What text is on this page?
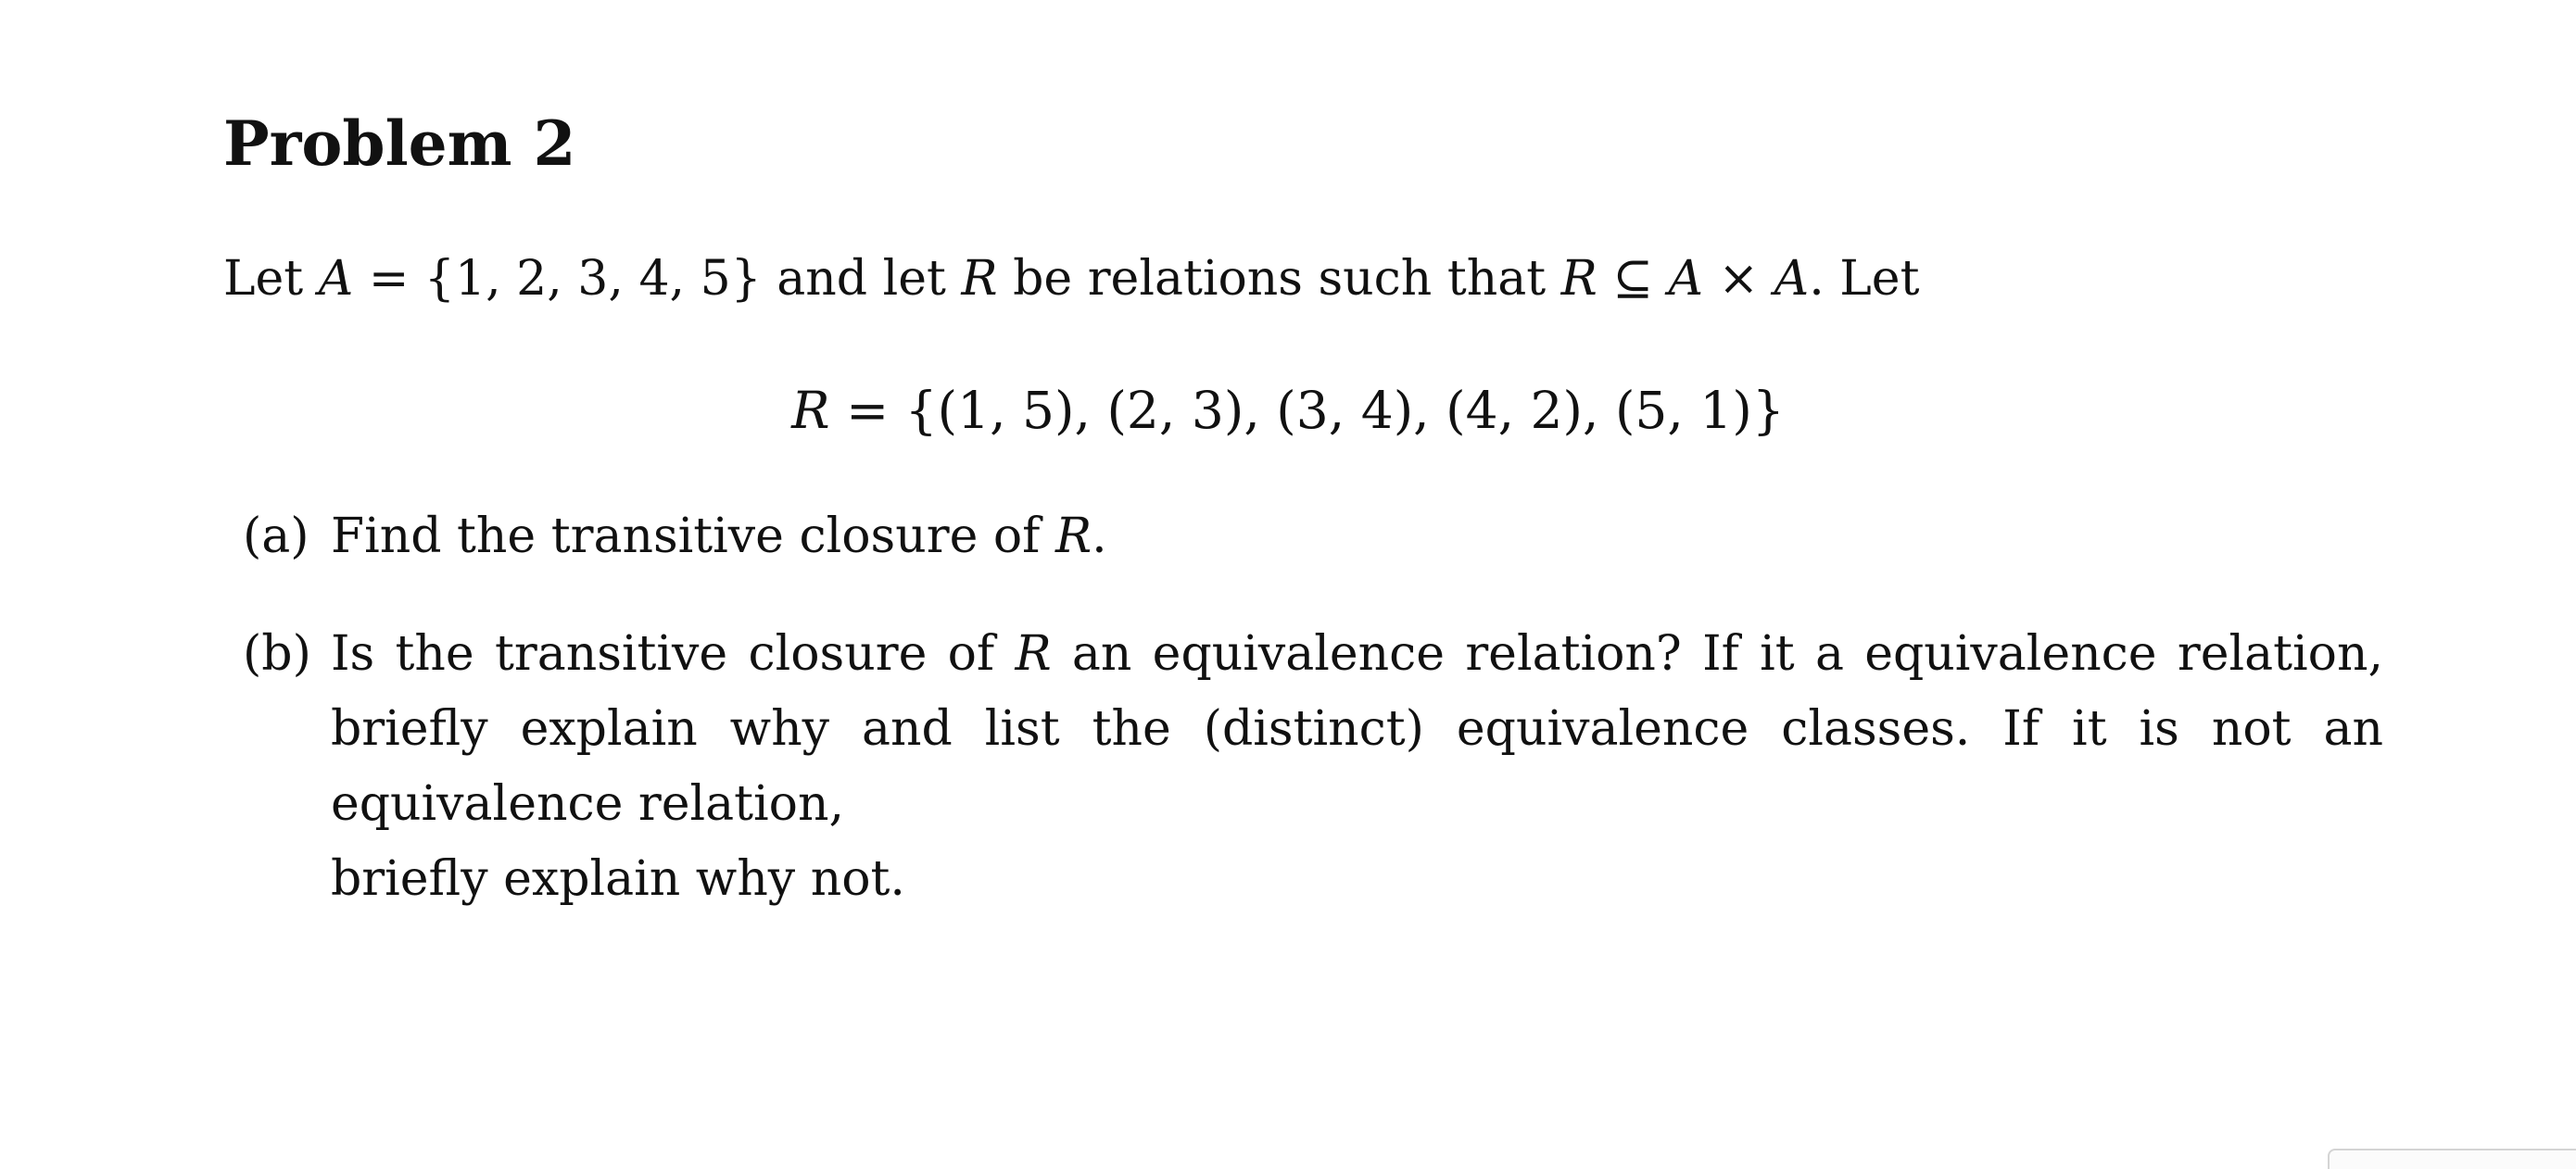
Problem 2
Let A = {1, 2, 3, 4, 5} and let R be relations such that R ⊆ A × A. Let
R = {(1, 5), (2, 3), (3, 4), (4, 2), (5, 1)}
(a) Find the transitive closure of R.
(b) Is the transitive closure of R an equivalence relation? If it a equivalence relation, briefly explain why and list the (distinct) equivalence classes. If it is not an equivalence relation,
briefly explain why not.
